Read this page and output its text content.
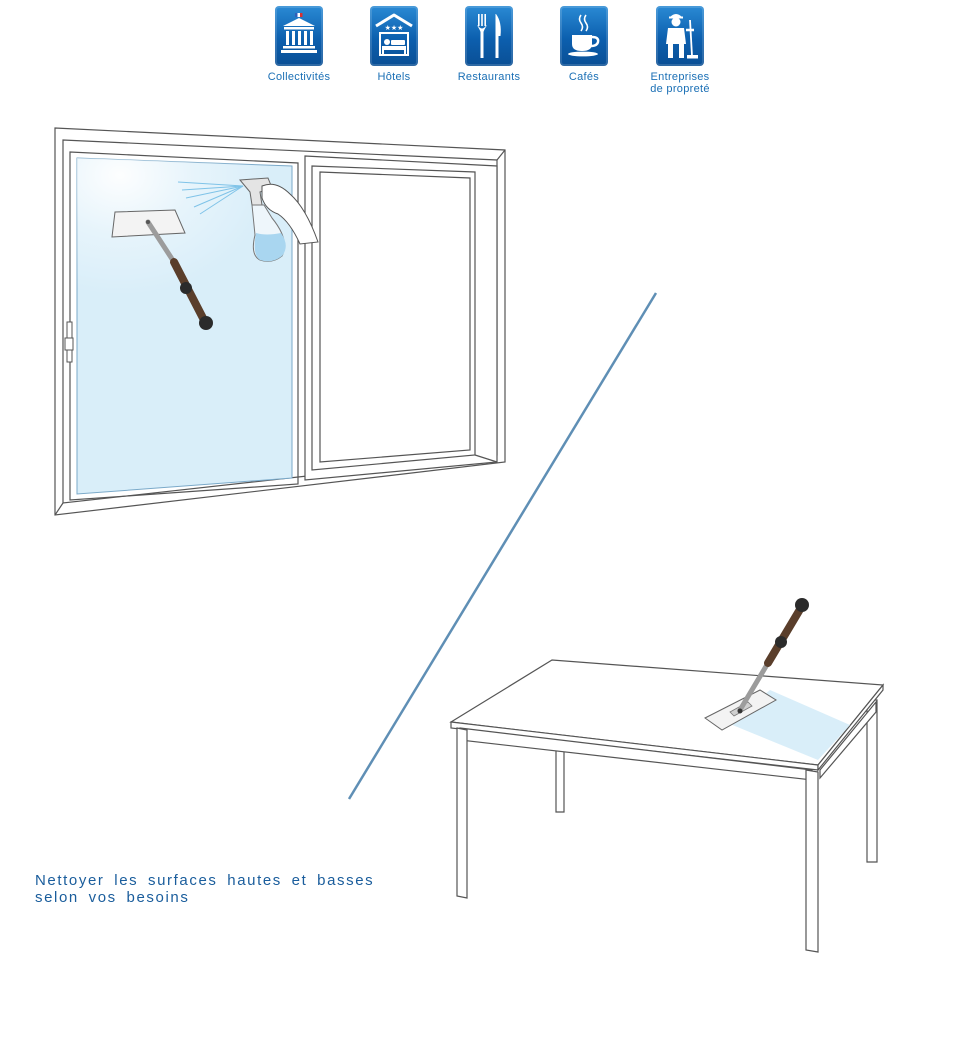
Collectivités
★★★
Hôtels	Restaurants	Cafés	Entreprises
de propreté
Nettoyer les surfaces hautes et basses selon vos besoins
